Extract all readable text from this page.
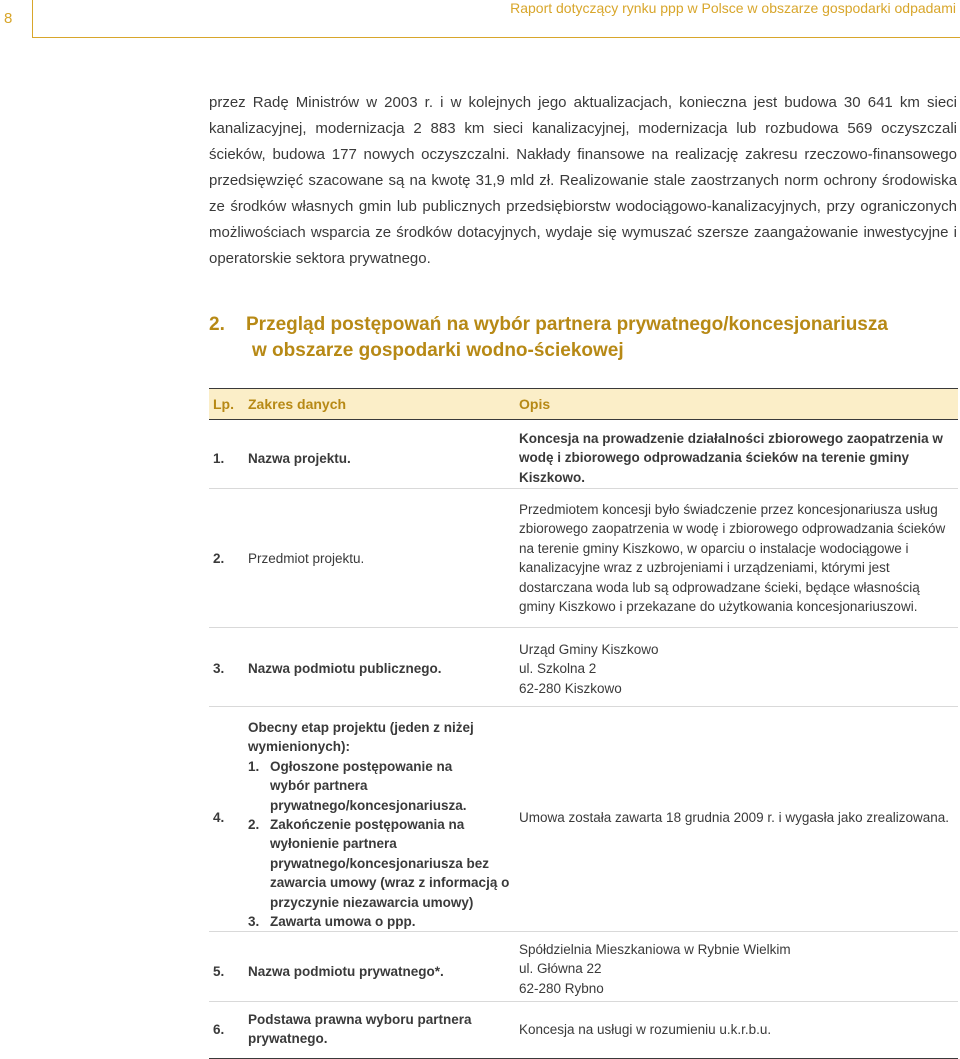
8
Raport dotyczący rynku ppp w Polsce w obszarze gospodarki odpadami

przez Radę Ministrów w 2003 r. i w kolejnych jego aktualizacjach, konieczna jest budowa 30 641 km sieci kanalizacyjnej, modernizacja 2 883 km sieci kanalizacyjnej, modernizacja lub rozbudowa 569 oczyszczali ścieków, budowa 177 nowych oczyszczalni. Nakłady finansowe na realizację zakresu rzeczowo-finansowego przedsięwzięć szacowane są na kwotę 31,9 mld zł. Realizowanie stale zaostrzanych norm ochrony środowiska ze środków własnych gmin lub publicznych przedsiębiorstw wodociągowo-kanalizacyjnych, przy ograniczonych możliwościach wsparcia ze środków dotacyjnych, wydaje się wymuszać szersze zaangażowanie inwestycyjne i operatorskie sektora prywatnego.

2. Przegląd postępowań na wybór partnera prywatnego/koncesjonariusza
w obszarze gospodarki wodno-ściekowej
Lp. Zakres danych	Opis
1. Nazwa projektu.
Koncesja na prowadzenie działalności zbiorowego zaopatrzenia w wodę i zbiorowego odprowadzania ścieków na terenie gminy Kiszkowo.
2. Przedmiot projektu.
Przedmiotem koncesji było świadczenie przez koncesjonariusza usług zbiorowego zaopatrzenia w wodę i zbiorowego odprowadzania ścieków na terenie gminy Kiszkowo, w oparciu o instalacje wodociągowe i kanalizacyjne wraz z uzbrojeniami i urządzeniami, którymi jest dostarczana woda lub są odprowadzane ścieki, będące własnością gminy Kiszkowo i przekazane do użytkowania koncesjonariuszowi.
3. Nazwa podmiotu publicznego.
Urząd Gminy Kiszkowo
ul. Szkolna 2
62-280 Kiszkowo
4.
Obecny etap projektu (jeden z niżej wymienionych):
1. Ogłoszone postępowanie na wybór partnera prywatnego/koncesjonariusza.
2. Zakończenie postępowania na wyłonienie partnera prywatnego/koncesjonariusza bez zawarcia umowy (wraz z informacją o przyczynie niezawarcia umowy)
3. Zawarta umowa o ppp.
Umowa została zawarta 18 grudnia 2009 r. i wygasła jako zrealizowana.
5. Nazwa podmiotu prywatnego*.
Spółdzielnia Mieszkaniowa w Rybnie Wielkim
ul. Główna 22
62-280 Rybno
6.
Podstawa prawna wyboru partnera prywatnego.
Koncesja na usługi w rozumieniu u.k.r.b.u.
